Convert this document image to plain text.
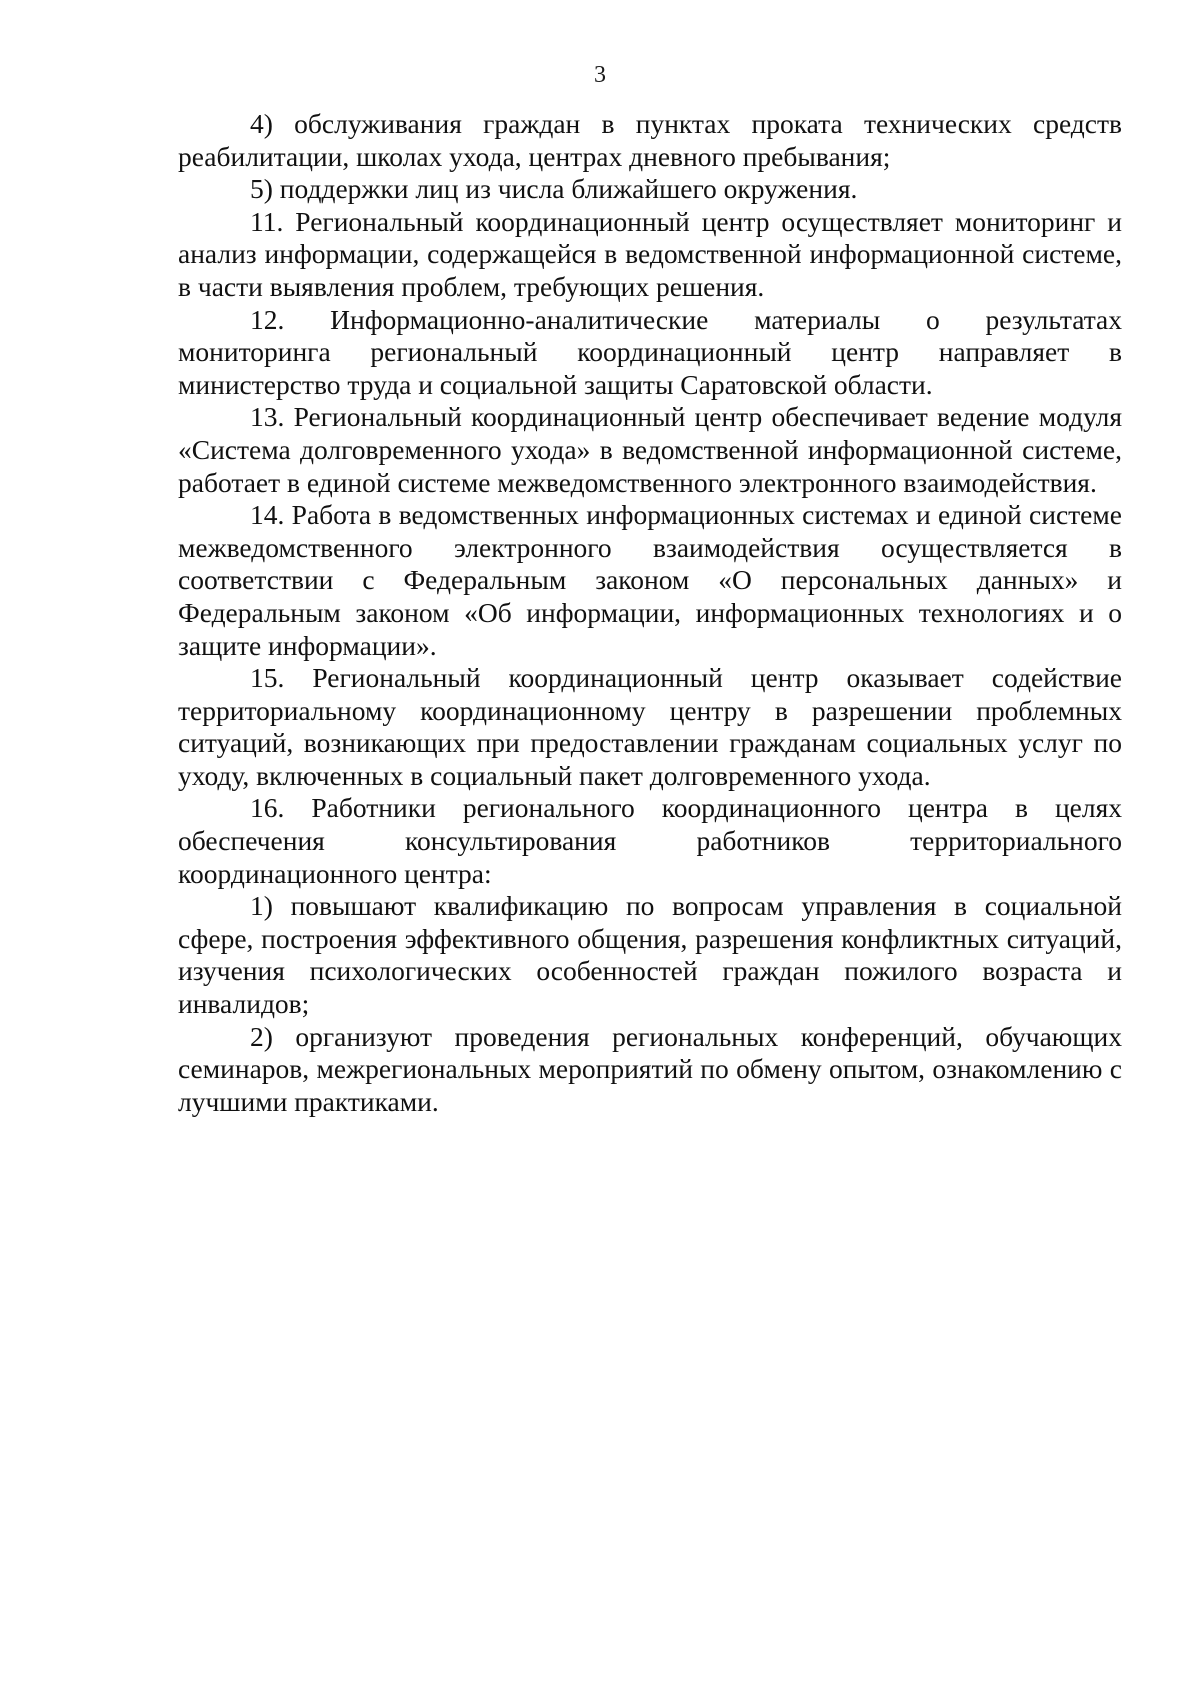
3

4) обслуживания граждан в пунктах проката технических средств реабилитации, школах ухода, центрах дневного пребывания;

5) поддержки лиц из числа ближайшего окружения.

11. Региональный координационный центр осуществляет мониторинг и анализ информации, содержащейся в ведомственной информационной системе, в части выявления проблем, требующих решения.

12. Информационно-аналитические материалы о результатах мониторинга региональный координационный центр направляет в министерство труда и социальной защиты Саратовской области.

13. Региональный координационный центр обеспечивает ведение модуля «Система долговременного ухода» в ведомственной информационной системе, работает в единой системе межведомственного электронного взаимодействия.

14. Работа в ведомственных информационных системах и единой системе межведомственного электронного взаимодействия осуществляется в соответствии с Федеральным законом «О персональных данных» и Федеральным законом «Об информации, информационных технологиях и о защите информации».

15. Региональный координационный центр оказывает содействие территориальному координационному центру в разрешении проблемных ситуаций, возникающих при предоставлении гражданам социальных услуг по уходу, включенных в социальный пакет долговременного ухода.

16. Работники регионального координационного центра в целях обеспечения консультирования работников территориального координационного центра:

1) повышают квалификацию по вопросам управления в социальной сфере, построения эффективного общения, разрешения конфликтных ситуаций, изучения психологических особенностей граждан пожилого возраста и инвалидов;

2) организуют проведения региональных конференций, обучающих семинаров, межрегиональных мероприятий по обмену опытом, ознакомлению с лучшими практиками.
